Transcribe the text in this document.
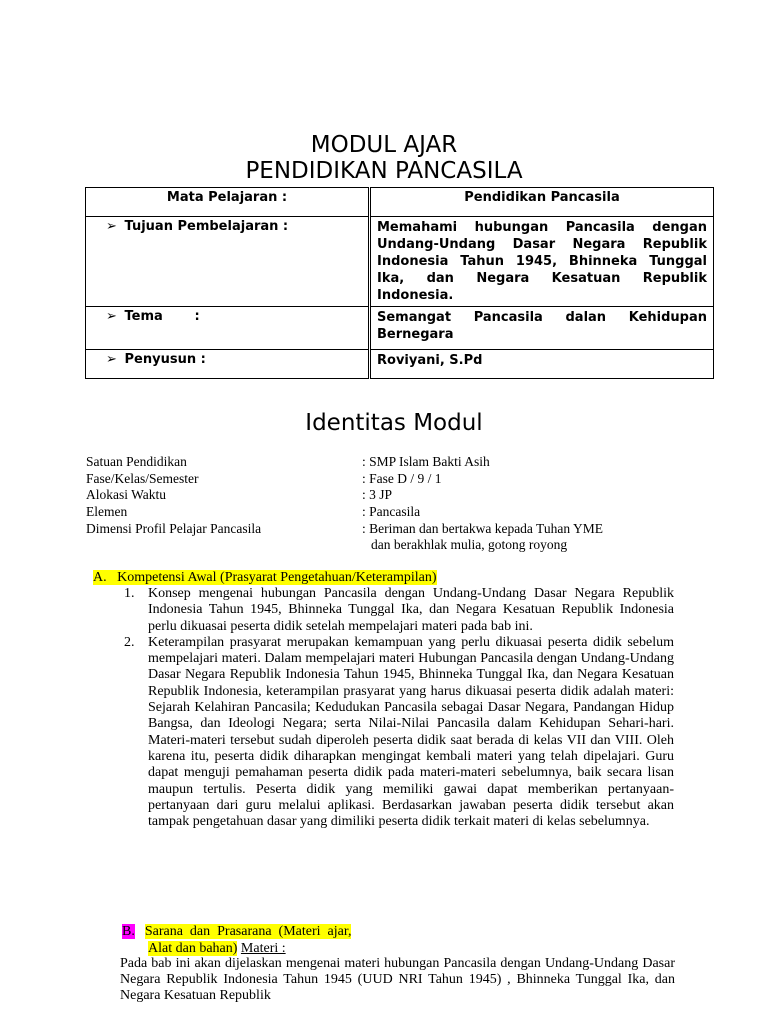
MODUL AJAR
PENDIDIKAN PANCASILA
Mata Pelajaran :	Pendidikan Pancasila
➢ Tujuan Pembelajaran :	Memahami hubungan Pancasila dengan Undang-Undang Dasar Negara Republik Indonesia Tahun 1945, Bhinneka Tunggal Ika, dan Negara Kesatuan Republik Indonesia.
➢ Tema       :	Semangat Pancasila dalan Kehidupan Bernegara
➢ Penyusun :	Roviyani, S.Pd
Identitas Modul
Satuan Pendidikan	: SMP Islam Bakti Asih
Fase/Kelas/Semester	: Fase D / 9 / 1
Alokasi Waktu	: 3 JP
Elemen	: Pancasila
Dimensi Profil Pelajar Pancasila	: Beriman dan bertakwa kepada Tuhan YME
dan berakhlak mulia, gotong royong
A.   Kompetensi Awal (Prasyarat Pengetahuan/Keterampilan)
1. Konsep mengenai hubungan Pancasila dengan Undang-Undang Dasar Negara Republik Indonesia Tahun 1945, Bhinneka Tunggal Ika, dan Negara Kesatuan Republik Indonesia perlu dikuasai peserta didik setelah mempelajari materi pada bab ini.
2. Keterampilan prasyarat merupakan kemampuan yang perlu dikuasai peserta didik sebelum mempelajari materi. Dalam mempelajari materi Hubungan Pancasila dengan Undang-Undang Dasar Negara Republik Indonesia Tahun 1945, Bhinneka Tunggal Ika, dan Negara Kesatuan Republik Indonesia, keterampilan prasyarat yang harus dikuasai peserta didik adalah materi: Sejarah Kelahiran Pancasila; Kedudukan Pancasila sebagai Dasar Negara, Pandangan Hidup Bangsa, dan Ideologi Negara; serta Nilai-Nilai Pancasila dalam Kehidupan Sehari-hari. Materi-materi tersebut sudah diperoleh peserta didik saat berada di kelas VII dan VIII. Oleh karena itu, peserta didik diharapkan mengingat kembali materi yang telah dipelajari. Guru dapat menguji pemahaman peserta didik pada materi-materi sebelumnya, baik secara lisan maupun tertulis. Peserta didik yang memiliki gawai dapat memberikan pertanyaan-pertanyaan dari guru melalui aplikasi. Berdasarkan jawaban peserta didik tersebut akan tampak pengetahuan dasar yang dimiliki peserta didik terkait materi di kelas sebelumnya.
B. Sarana  dan  Prasarana  (Materi  ajar,
Alat dan bahan) Materi :
Pada bab ini akan dijelaskan mengenai materi hubungan Pancasila dengan Undang-Undang Dasar Negara Republik Indonesia Tahun 1945 (UUD NRI Tahun 1945) , Bhinneka Tunggal Ika, dan Negara Kesatuan Republik
